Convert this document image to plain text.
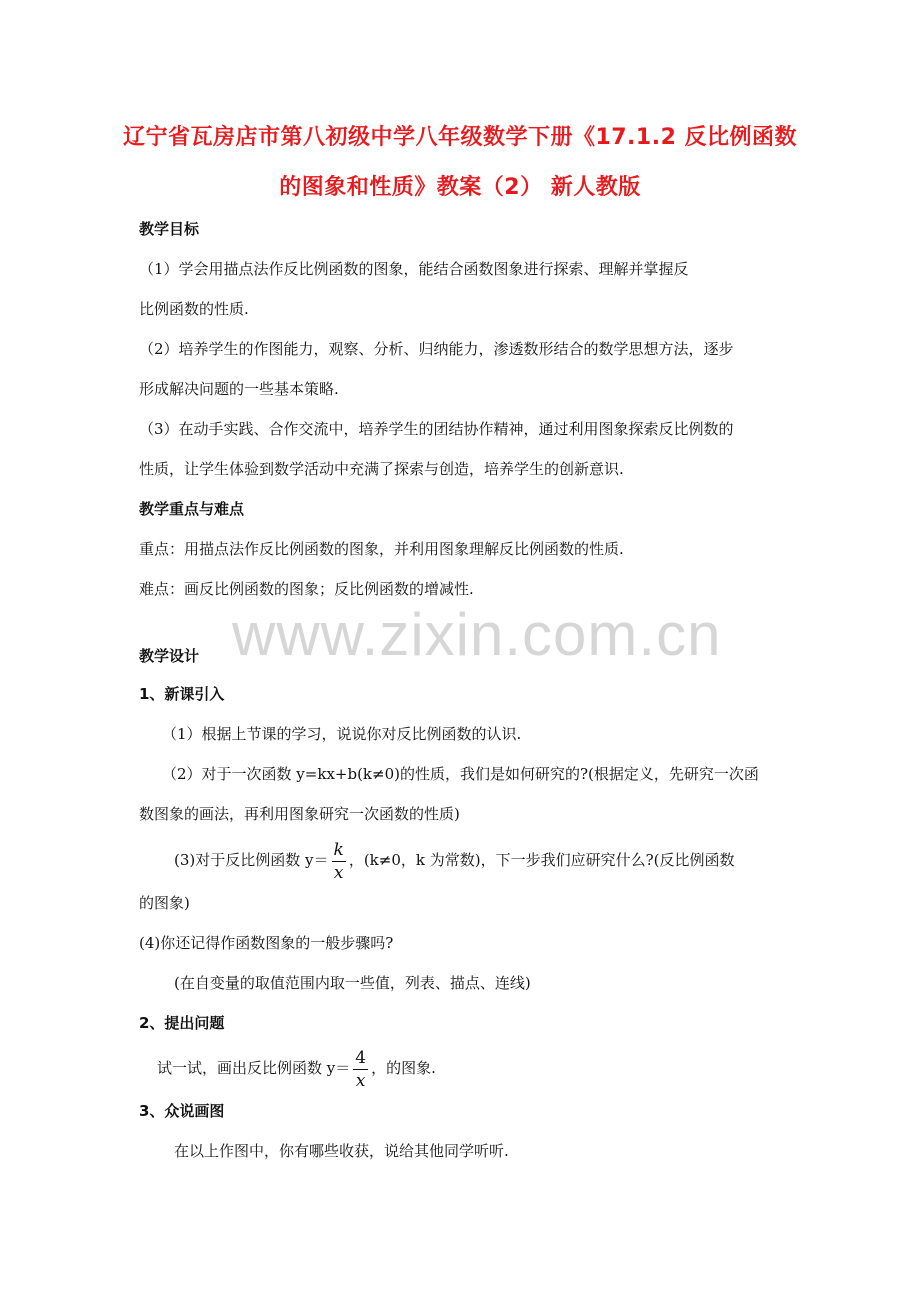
辽宁省瓦房店市第八初级中学八年级数学下册《17.1.2 反比例函数
的图象和性质》教案（2） 新人教版
www.zixin.com.cn
教学目标
（1）学会用描点法作反比例函数的图象，能结合函数图象进行探索、理解并掌握反
比例函数的性质.
（2）培养学生的作图能力，观察、分析、归纳能力，渗透数形结合的数学思想方法，逐步
形成解决问题的一些基本策略.
（3）在动手实践、合作交流中，培养学生的团结协作精神，通过利用图象探索反比例数的
性质，让学生体验到数学活动中充满了探索与创造，培养学生的创新意识.
教学重点与难点
重点：用描点法作反比例函数的图象，并利用图象理解反比例函数的性质.
难点：画反比例函数的图象；反比例函数的增减性.
教学设计
1、新课引入
（1）根据上节课的学习，说说你对反比例函数的认识.
（2）对于一次函数 y=kx+b(k≠0)的性质，我们是如何研究的?(根据定义，先研究一次函
数图象的画法，再利用图象研究一次函数的性质)
(3)对于反比例函数 $y= \frac{k}{x}$ ，(k≠0，k 为常数)，下一步我们应研究什么?(反比例函数
的图象)
(4)你还记得作函数图象的一般步骤吗?
(在自变量的取值范围内取一些值，列表、描点、连线)
2、提出问题
试一试，画出反比例函数 $y= \frac{4}{x}$ ，的图象.
3、众说画图
在以上作图中，你有哪些收获，说给其他同学听听.
